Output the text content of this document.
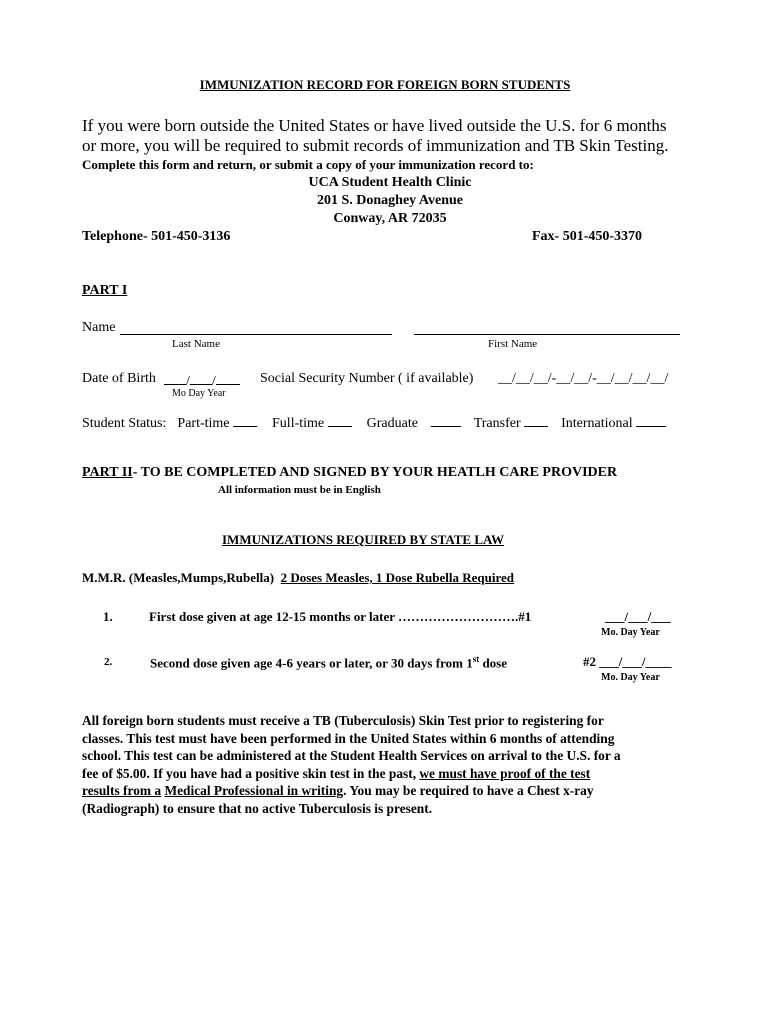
IMMUNIZATION RECORD FOR FOREIGN BORN STUDENTS
If you were born outside the United States or have lived outside the U.S. for 6 months
or more, you will be required to submit records of immunization and TB Skin Testing.
Complete this form and return, or submit a copy of your immunization record to:
UCA Student Health Clinic
201 S. Donaghey Avenue
Conway, AR 72035
Telephone- 501-450-3136	Fax- 501-450-3370
PART I
Name
Last Name	First Name
Date of Birth	/ /
Mo Day Year
Social Security Number ( if available) __/__/__/-__/__/-__/__/__/__/
Student Status: Part-time	Full-time	Graduate	Transfer	International
PART II- TO BE COMPLETED AND SIGNED BY YOUR HEATLH CARE PROVIDER
All information must be in English
IMMUNIZATIONS REQUIRED BY STATE LAW
M.M.R. (Measles,Mumps,Rubella) 2 Doses Measles, 1 Dose Rubella Required
1.	First dose given at age 12-15 months or later ……………………….#1	___/___/___
Mo. Day Year
2.	Second dose given age 4-6 years or later, or 30 days from 1st dose	#2 ___/___/____
Mo. Day Year
All foreign born students must receive a TB (Tuberculosis) Skin Test prior to registering for
classes. This test must have been performed in the United States within 6 months of attending
school. This test can be administered at the Student Health Services on arrival to the U.S. for a
fee of $5.00. If you have had a positive skin test in the past, we must have proof of the test
results from a Medical Professional in writing. You may be required to have a Chest x-ray
(Radiograph) to ensure that no active Tuberculosis is present.
